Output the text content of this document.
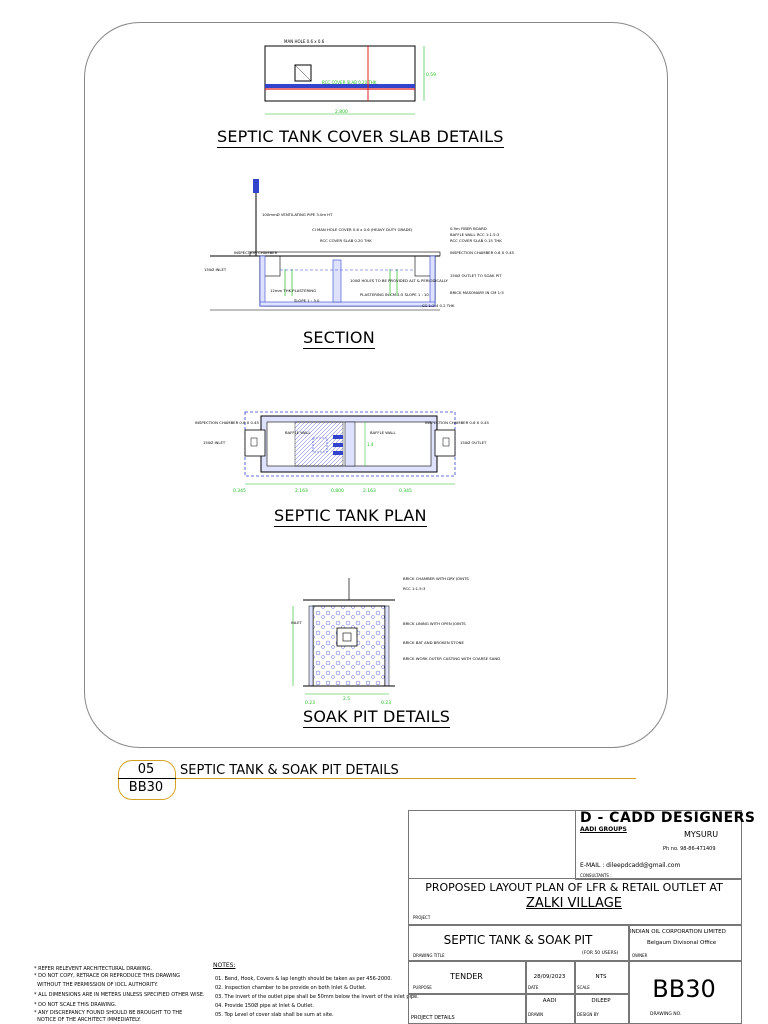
MAN HOLE 0.6 x 0.6
RCC COVER SLAB 0.20 THK
2.800
0.59
SEPTIC TANK COVER SLAB DETAILS
100mmØ VENTILATING PIPE 3.0m HT
CI MAN HOLE COVER 0.6 x 0.6 (HEAVY DUTY GRADE)
RCC COVER SLAB 0.20 THK
0.5m FIBER BOARD
BAFFLE WALL RCC 1:1.5:3
RCC COVER SLAB 0.15 THK
INSPECTION CHAMBER	INSPECTION CHAMBER 0.6 X 0.45
150Ø INLET
150Ø OUTLET TO SOAK PIT
100Ø HOLES TO BE PROVIDED ALT & PERIODICALLY
12mm THK PLASTERING
PLASTERING IN CM 1:5 SLOPE 1 : 10	BRICK MASONARY IN CM 1:5
SLOPE 1 : 3.0
CC 1:2:4 0.2 THK
SECTION
INSPECTION CHAMBER 0.6 X 0.45	INSPECTION CHAMBER 0.6 X 0.45
150Ø INLET	150Ø OUTLET
BAFFLE WALL	BAFFLE WALL
1.4
0.345	2.163	0.800	2.163	0.345
SEPTIC TANK PLAN
BRICK CHAMBER WITH DRY JOINTS
RCC 1:1.5:3
BRICK LINING WITH OPEN JOINTS
BRICK BAT AND BROKEN STONE
BRICK WORK OUTER CASTING WITH COARSE SAND
INLET
2.5
0.23	0.23
SOAK PIT DETAILS
05
BB30
SEPTIC TANK & SOAK PIT DETAILS
* REFER RELEVENT ARCHITECTURAL DRAWING.
* DO NOT COPY, RETRACE OR REPRODUCE THIS DRAWING
WITHOUT THE PERMISSION OF IOCL AUTHORITY.
* ALL DIMENSIONS ARE IN METERS UNLESS SPECIFIED OTHER WISE.
* DO NOT SCALE THIS DRAWING.
* ANY DISCREPANCY FOUND SHOULD BE BROUGHT TO THE
NOTICE OF THE ARCHITECT IMMEDIATELY.
NOTES:
01. Bend, Hook, Covers & lap length should be taken as per 456-2000.
02. Inspection chamber to be provide on both Inlet & Outlet.
03. The invert of the outlet pipe shall be 50mm below the invert of the inlet pipe.
04. Provide 150Ø pipe at Inlet & Outlet.
05. Top Level of cover slab shall be sum at site.
D - CADD DESIGNERS
AADI GROUPS
MYSURU
Ph no. 98-86-471409
E-MAIL : dileepdcadd@gmail.com
CONSULTANTS :
PROPOSED LAYOUT PLAN OF LFR & RETAIL OUTLET AT
ZALKI VILLAGE
PROJECT
SEPTIC TANK & SOAK PIT
(FOR 50 USERS)
DRAWING TITLE
INDIAN OIL CORPORATION LIMITED
Belgaum Divisonal Office
OWNER
TENDER
PURPOSE
28/09/2023
DATE
NTS
SCALE
PROJECT DETAILS
AADI
DRAWN
DILEEP
DESIGN BY
BB30
DRAWING NO.
